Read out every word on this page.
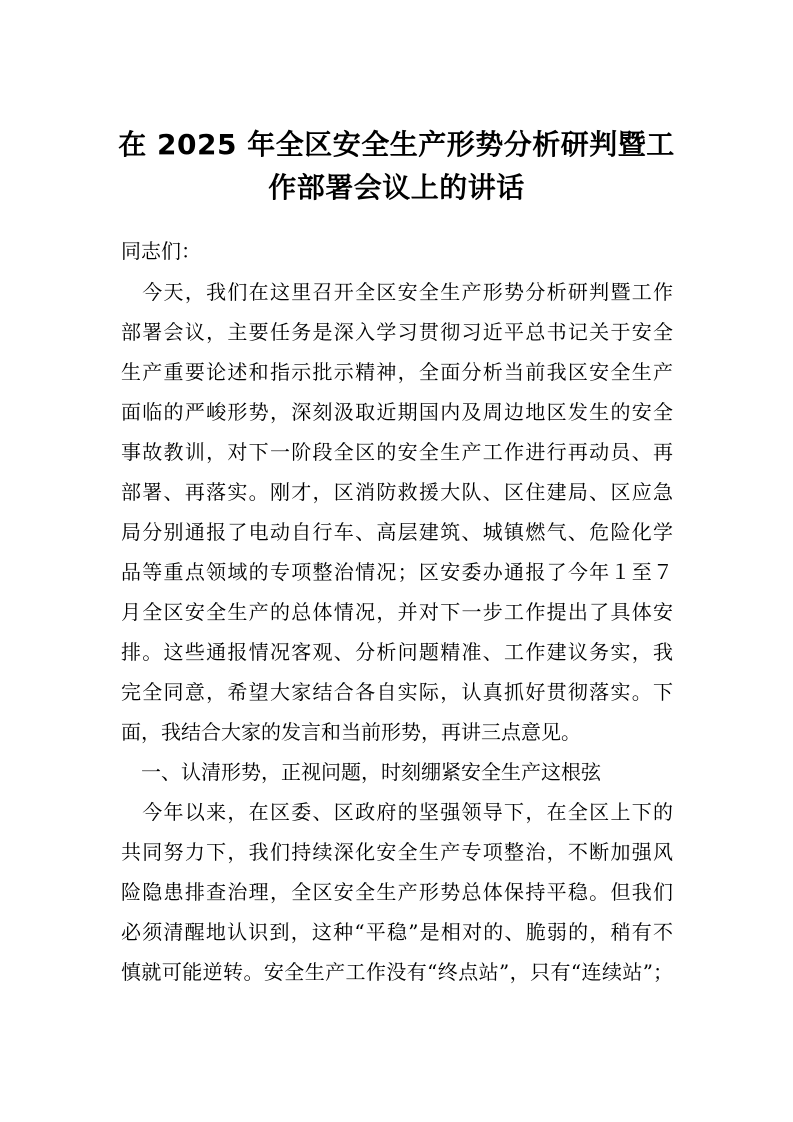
在 2025 年全区安全生产形势分析研判暨工
作部署会议上的讲话
同志们：
　今天，我们在这里召开全区安全生产形势分析研判暨工作
部署会议，主要任务是深入学习贯彻习近平总书记关于安全
生产重要论述和指示批示精神，全面分析当前我区安全生产
面临的严峻形势，深刻汲取近期国内及周边地区发生的安全
事故教训，对下一阶段全区的安全生产工作进行再动员、再
部署、再落实。刚才，区消防救援大队、区住建局、区应急
局分别通报了电动自行车、高层建筑、城镇燃气、危险化学
品等重点领域的专项整治情况；区安委办通报了今年１至７
月全区安全生产的总体情况，并对下一步工作提出了具体安
排。这些通报情况客观、分析问题精准、工作建议务实，我
完全同意，希望大家结合各自实际，认真抓好贯彻落实。下
面，我结合大家的发言和当前形势，再讲三点意见。
　一、认清形势，正视问题，时刻绷紧安全生产这根弦
　今年以来，在区委、区政府的坚强领导下，在全区上下的
共同努力下，我们持续深化安全生产专项整治，不断加强风
险隐患排查治理，全区安全生产形势总体保持平稳。但我们
必须清醒地认识到，这种“平稳”是相对的、脆弱的，稍有不
慎就可能逆转。安全生产工作没有“终点站”，只有“连续站”；
